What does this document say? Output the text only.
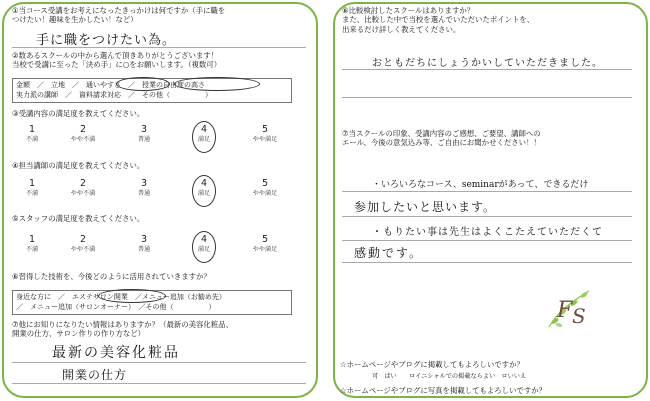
①当コース受講をお考えになったきっかけは何ですか（手に職を
つけたい！趣味を生かしたい！など）
手に職をつけたい為。
②数あるスクールの中から選んで頂きありがとうございます！
当校で受講に至った「決め手」に○をお願いします。（複数可）
金額　／　立地　／　通いやすさ　／　授業の自由度の高さ
実力派の講師　／　資料請求対応　／　その他（　　　　　）
③受講内容の満足度を教えてください。
1
不満
2
やや不満
3
普通
4
満足
5
やや満足
④担当講師の満足度を教えてください。
1
不満
2
やや不満
3
普通
4
満足
5
やや満足
⑤スタッフの満足度を教えてください。
1
不満
2
やや不満
3
普通
4
満足
5
やや満足
⑥習得した技術を、今後どのように活用されていきますか？
身近な方に　／　エステサロン開業　／メニュー追加（お勧め先）
／　メニュー追加（サロンオーナー）　／その他（　　　　　）
⑦他にお知りになりたい情報はありますか？（最新の美容化粧品、
開業の仕方、サロン作りの作り方など）
最新の美容化粧品
開業の仕方
⑥比較検討したスクールはありますか？
また、比較した中で当校を選んでいただいたポイントを、
出来るだけ詳しく教えてください。
おともだちにしょうかいしていただきました。
⑦当スクールの印象、受講内容のご感想、ご要望、講師への
エール、今後の意気込み等、ご自由にお聞かせください！！
・いろいろなコース、seminarがあって、できるだけ
参加したいと思います。
・もりたい事は先生はよくこたえていただくて
感動です。
F S
☆ホームページやブログに掲載してもよろしいですか？
可　ばい　　ロイニシャルでの掲載ならよい　ロいいえ
☆ホームページやブログに写真を掲載してもよろしいですか？
